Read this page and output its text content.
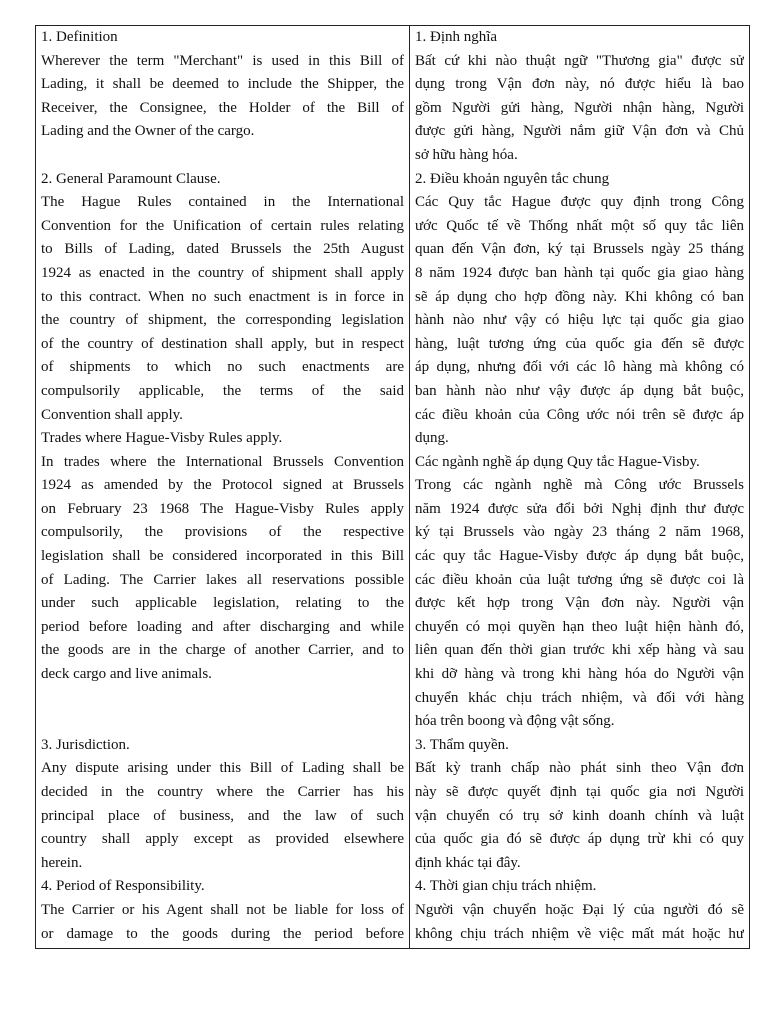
1. Definition
Wherever the term "Merchant" is used in this Bill of
Lading, it shall be deemed to include the Shipper, the
Receiver, the Consignee, the Holder of the Bill of
Lading and the Owner of the cargo.
2. General Paramount Clause.
The Hague Rules contained in the International
Convention for the Unification of certain rules relating
to Bills of Lading, dated Brussels the 25th August
1924 as enacted in the country of shipment shall apply
to this contract. When no such enactment is in force in
the country of shipment, the corresponding legislation
of the country of destination shall apply, but in respect
of shipments to which no such enactments are
compulsorily applicable, the terms of the said
Convention shall apply.
Trades where Hague-Visby Rules apply.
In trades where the International Brussels Convention
1924 as amended by the Protocol signed at Brussels
on February 23 1968 The Hague-Visby Rules apply
compulsorily, the provisions of the respective
legislation shall be considered incorporated in this Bill
of Lading. The Carrier lakes all reservations possible
under such applicable legislation, relating to the
period before loading and after discharging and while
the goods are in the charge of another Carrier, and to
deck cargo and live animals.
3. Jurisdiction.
Any dispute arising under this Bill of Lading shall be
decided in the country where the Carrier has his
principal place of business, and the law of such
country shall apply except as provided elsewhere
herein.
4. Period of Responsibility.
The Carrier or his Agent shall not be liable for loss of
or damage to the goods during the period before

1. Định nghĩa
Bất cứ khi nào thuật ngữ "Thương gia" được sử
dụng trong Vận đơn này, nó được hiểu là bao
gồm Người gửi hàng, Người nhận hàng, Người
được gửi hàng, Người nắm giữ Vận đơn và Chủ
sở hữu hàng hóa.
2. Điều khoản nguyên tắc chung
Các Quy tắc Hague được quy định trong Công
ước Quốc tế về Thống nhất một số quy tắc liên
quan đến Vận đơn, ký tại Brussels ngày 25 tháng
8 năm 1924 được ban hành tại quốc gia giao hàng
sẽ áp dụng cho hợp đồng này. Khi không có ban
hành nào như vậy có hiệu lực tại quốc gia giao
hàng, luật tương ứng của quốc gia đến sẽ được
áp dụng, nhưng đối với các lô hàng mà không có
ban hành nào như vậy được áp dụng bắt buộc,
các điều khoản của Công ước nói trên sẽ được áp
dụng.
Các ngành nghề áp dụng Quy tắc Hague-Visby.
Trong các ngành nghề mà Công ước Brussels
năm 1924 được sửa đổi bởi Nghị định thư được
ký tại Brussels vào ngày 23 tháng 2 năm 1968,
các quy tắc Hague-Visby được áp dụng bắt buộc,
các điều khoản của luật tương ứng sẽ được coi là
được kết hợp trong Vận đơn này. Người vận
chuyển có mọi quyền hạn theo luật hiện hành đó,
liên quan đến thời gian trước khi xếp hàng và sau
khi dỡ hàng và trong khi hàng hóa do Người vận
chuyển khác chịu trách nhiệm, và đối với hàng
hóa trên boong và động vật sống.
3. Thẩm quyền.
Bất kỳ tranh chấp nào phát sinh theo Vận đơn
này sẽ được quyết định tại quốc gia nơi Người
vận chuyển có trụ sở kinh doanh chính và luật
của quốc gia đó sẽ được áp dụng trừ khi có quy
định khác tại đây.
4. Thời gian chịu trách nhiệm.
Người vận chuyển hoặc Đại lý của người đó sẽ
không chịu trách nhiệm về việc mất mát hoặc hư
